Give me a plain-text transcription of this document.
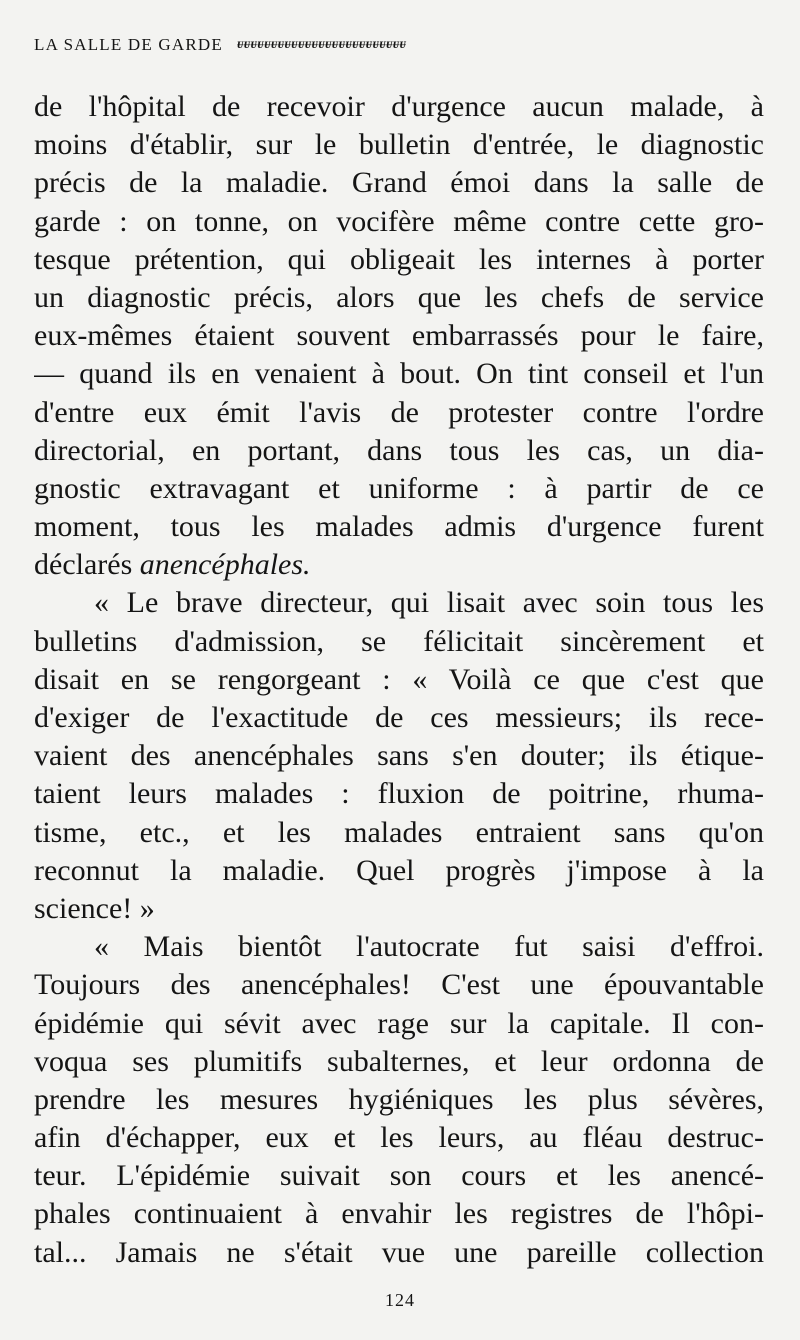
LA SALLE DE GARDE ᵾᵾᵾᵾᵾᵾᵾᵾᵾᵾᵾᵾᵾᵾᵾᵾᵾᵾᵾᵾᵾᵾᵾᵾᵾ
de l'hôpital de recevoir d'urgence aucun malade, à
moins d'établir, sur le bulletin d'entrée, le diagnostic
précis de la maladie. Grand émoi dans la salle de
garde : on tonne, on vocifère même contre cette gro-
tesque prétention, qui obligeait les internes à porter
un diagnostic précis, alors que les chefs de service
eux-mêmes étaient souvent embarrassés pour le faire,
— quand ils en venaient à bout. On tint conseil et l'un
d'entre eux émit l'avis de protester contre l'ordre
directorial, en portant, dans tous les cas, un dia-
gnostic extravagant et uniforme : à partir de ce
moment, tous les malades admis d'urgence furent
déclarés anencéphales.
« Le brave directeur, qui lisait avec soin tous les
bulletins d'admission, se félicitait sincèrement et
disait en se rengorgeant : « Voilà ce que c'est que
d'exiger de l'exactitude de ces messieurs; ils rece-
vaient des anencéphales sans s'en douter; ils étique-
taient leurs malades : fluxion de poitrine, rhuma-
tisme, etc., et les malades entraient sans qu'on
reconnut la maladie. Quel progrès j'impose à la
science! »
« Mais bientôt l'autocrate fut saisi d'effroi.
Toujours des anencéphales! C'est une épouvantable
épidémie qui sévit avec rage sur la capitale. Il con-
voqua ses plumitifs subalternes, et leur ordonna de
prendre les mesures hygiéniques les plus sévères,
afin d'échapper, eux et les leurs, au fléau destruc-
teur. L'épidémie suivait son cours et les anencé-
phales continuaient à envahir les registres de l'hôpi-
tal... Jamais ne s'était vue une pareille collection
124
